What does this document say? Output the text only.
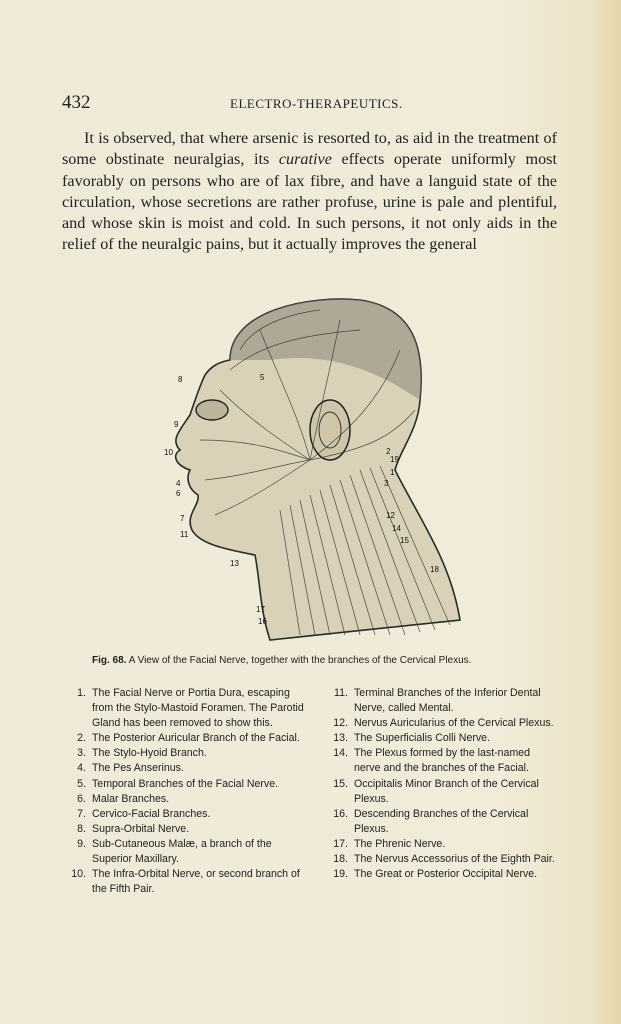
432	ELECTRO-THERAPEUTICS.

It is observed, that where arsenic is resorted to, as aid in the treatment of some obstinate neuralgias, its curative effects operate uniformly most favorably on persons who are of lax fibre, and have a languid state of the circulation, whose secretions are rather profuse, urine is pale and plentiful, and whose skin is moist and cold. In such persons, it not only aids in the relief of the neuralgic pains, but it actually improves the general

8	5
9
10
4
6
7
11
13
17
16
19
1
3
2
12
14
15
18
Fig. 68. A View of the Facial Nerve, together with the branches of the Cervical Plexus.
1. The Facial Nerve or Portia Dura, escaping from the Stylo-Mastoid Foramen. The Parotid Gland has been removed to show this.
2. The Posterior Auricular Branch of the Facial.
3. The Stylo-Hyoid Branch.
4. The Pes Anserinus.
5. Temporal Branches of the Facial Nerve.
6. Malar Branches.
7. Cervico-Facial Branches.
8. Supra-Orbital Nerve.
9. Sub-Cutaneous Malæ, a branch of the Superior Maxillary.
10. The Infra-Orbital Nerve, or second branch of the Fifth Pair.
11. Terminal Branches of the Inferior Dental Nerve, called Mental.
12. Nervus Auricularius of the Cervical Plexus.
13. The Superficialis Colli Nerve.
14. The Plexus formed by the last-named nerve and the branches of the Facial.
15. Occipitalis Minor Branch of the Cervical Plexus.
16. Descending Branches of the Cervical Plexus.
17. The Phrenic Nerve.
18. The Nervus Accessorius of the Eighth Pair.
19. The Great or Posterior Occipital Nerve.
